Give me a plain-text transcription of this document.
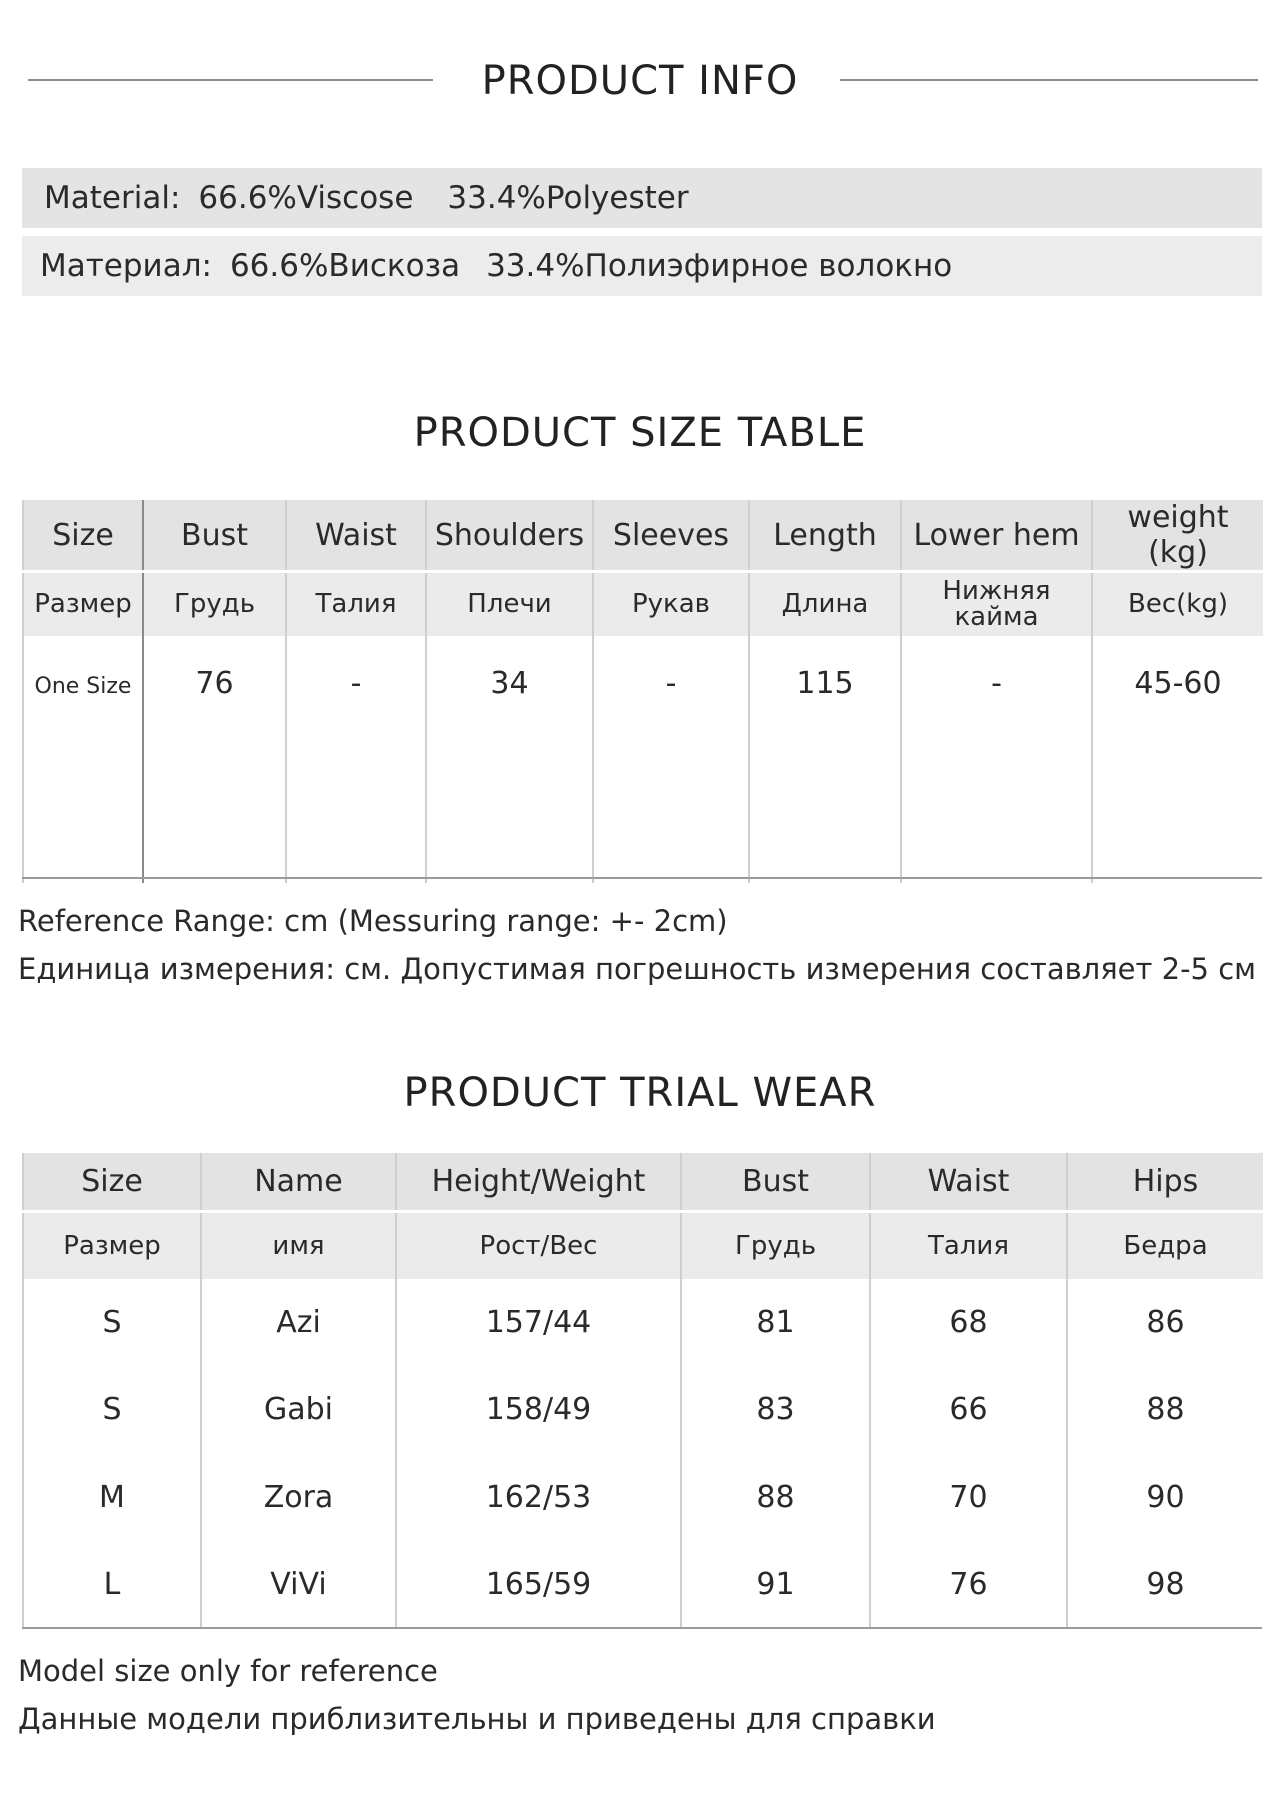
PRODUCT INFO
Material: 66.6%Viscose 33.4%Polyester
Материал: 66.6%Вискоза 33.4%Полиэфирное волокно
PRODUCT SIZE TABLE
Size	Bust	Waist	Shoulders	Sleeves	Length	Lower hem	weight (kg)
Размер	Грудь	Талия	Плечи	Рукав	Длина	Нижняя кайма	Вес(kg)
One Size	76	-	34	-	115	-	45-60
Reference Range: cm (Messuring range: +- 2cm)
Единица измерения: см. Допустимая погрешность измерения составляет 2-5 см
PRODUCT TRIAL WEAR
Size	Name	Height/Weight	Bust	Waist	Hips
Размер	имя	Рост/Вес	Грудь	Талия	Бедра
S	Azi	157/44	81	68	86
S	Gabi	158/49	83	66	88
M	Zora	162/53	88	70	90
L	ViVi	165/59	91	76	98
Model size only for reference
Данные модели приблизительны и приведены для справки
